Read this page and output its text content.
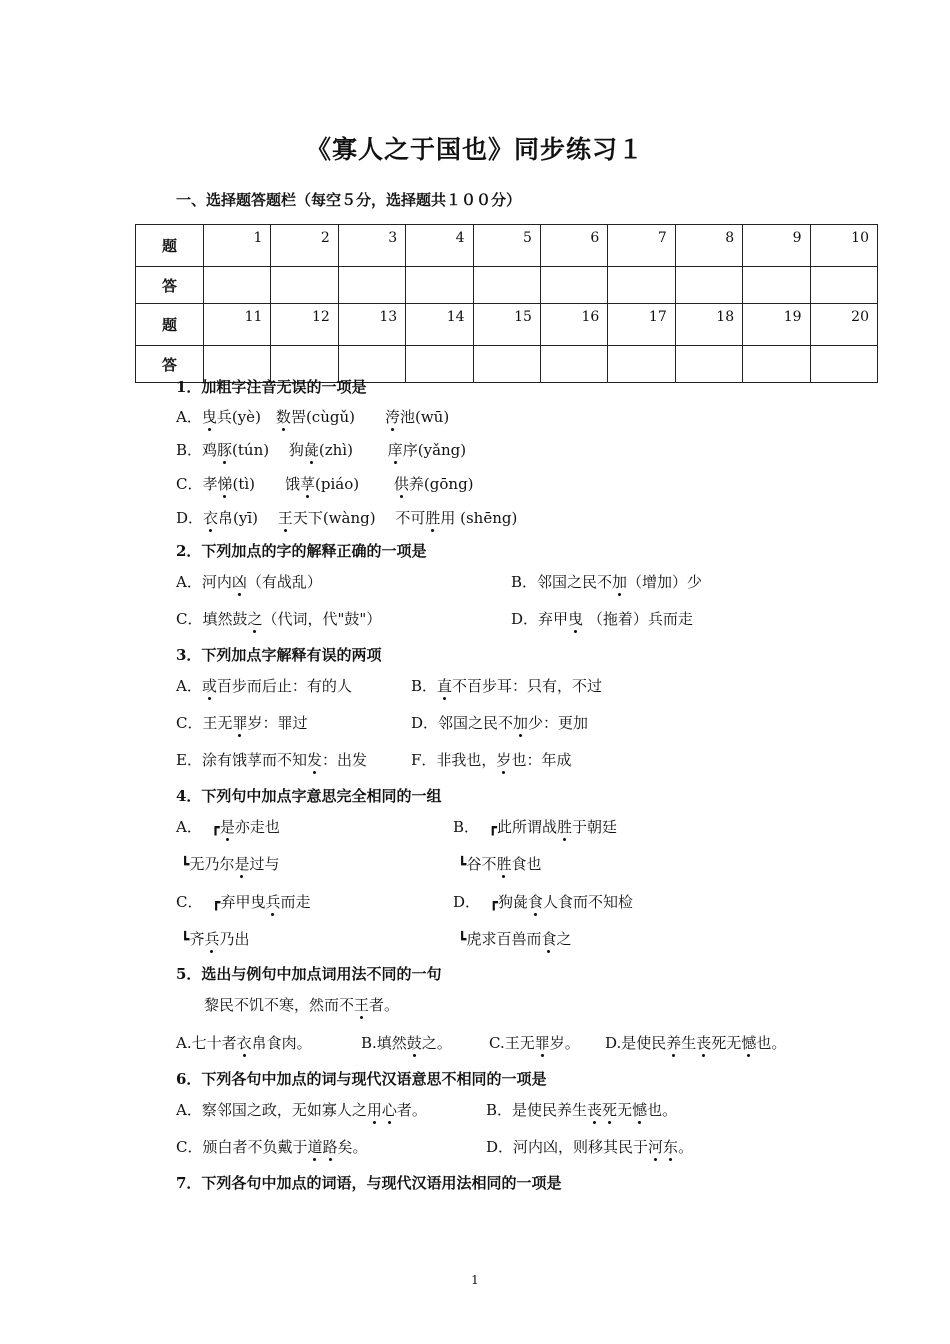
《寡人之于国也》同步练习１
一、选择题答题栏（每空５分，选择题共１００分）
题	1	2	3	4	5	6	7	8	9	10
答										
题	11	12	13	14	15	16	17	18	19	20
答										
1．加粗字注音无误的一项是
A．曳兵(yè)　数罟(cùgǔ)　　洿池(wū)
B．鸡豚(tún)　 狗彘(zhì)　　 庠序(yǎng)
C．孝悌(tì)　　饿莩(piáo)　　 供养(gōng)
D．衣帛(yī)　 王天下(wàng)　 不可胜用 (shēng)
2．下列加点的字的解释正确的一项是
A．河内凶（有战乱）	B．邻国之民不加（增加）少
C．填然鼓之（代词，代"鼓"）	D．弃甲曳 （拖着）兵而走
3．下列加点字解释有误的两项
A．或百步而后止：有的人	B．直不百步耳：只有，不过
C．王无罪岁：罪过	D．邻国之民不加少：更加
E．涂有饿莩而不知发：出发	F．非我也，岁也：年成
4．下列句中加点字意思完全相同的一组
A． ┏是亦走也	B． ┏此所谓战胜于朝廷
┗无乃尔是过与	┗谷不胜食也
C． ┏弃甲曳兵而走	D． ┏狗彘食人食而不知检
┗齐兵乃出	┗虎求百兽而食之
5．选出与例句中加点词用法不同的一句
黎民不饥不寒，然而不王者。
A.七十者衣帛食肉。	B.填然鼓之。 C.王无罪岁。 D.是使民养生丧死无憾也。
6．下列各句中加点的词与现代汉语意思不相同的一项是
A．察邻国之政，无如寡人之用心者。	B．是使民养生丧死无憾也。
C．颁白者不负戴于道路矣。	D．河内凶，则移其民于河东。
7．下列各句中加点的词语，与现代汉语用法相同的一项是
1
